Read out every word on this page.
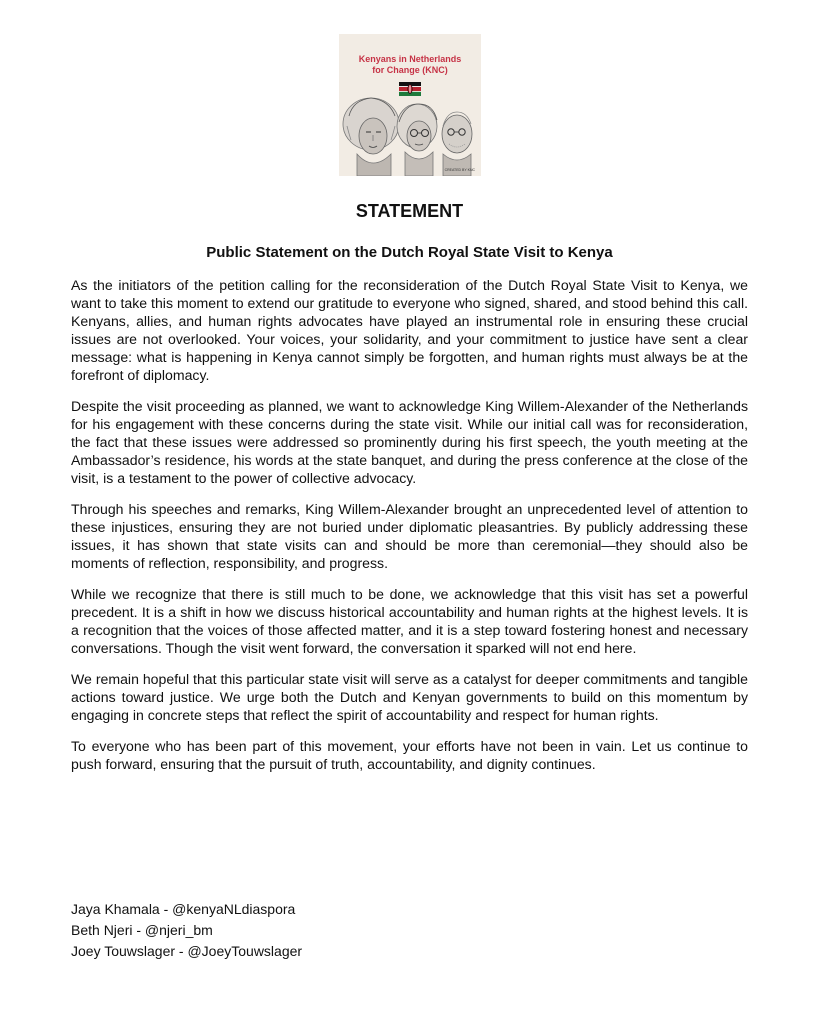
Kenyans in Netherlands
for Change (KNC)
CREATED BY KNC
STATEMENT
Public Statement on the Dutch Royal State Visit to Kenya

As the initiators of the petition calling for the reconsideration of the Dutch Royal State Visit to Kenya, we want to take this moment to extend our gratitude to everyone who signed, shared, and stood behind this call. Kenyans, allies, and human rights advocates have played an instrumental role in ensuring these crucial issues are not overlooked. Your voices, your solidarity, and your commitment to justice have sent a clear message: what is happening in Kenya cannot simply be forgotten, and human rights must always be at the forefront of diplomacy.

Despite the visit proceeding as planned, we want to acknowledge King Willem-Alexander of the Netherlands for his engagement with these concerns during the state visit. While our initial call was for reconsideration, the fact that these issues were addressed so prominently during his first speech, the youth meeting at the Ambassador’s residence, his words at the state banquet, and during the press conference at the close of the visit, is a testament to the power of collective advocacy.

Through his speeches and remarks, King Willem-Alexander brought an unprecedented level of attention to these injustices, ensuring they are not buried under diplomatic pleasantries. By publicly addressing these issues, it has shown that state visits can and should be more than ceremonial—they should also be moments of reflection, responsibility, and progress.

While we recognize that there is still much to be done, we acknowledge that this visit has set a powerful precedent. It is a shift in how we discuss historical accountability and human rights at the highest levels. It is a recognition that the voices of those affected matter, and it is a step toward fostering honest and necessary conversations. Though the visit went forward, the conversation it sparked will not end here.

We remain hopeful that this particular state visit will serve as a catalyst for deeper commitments and tangible actions toward justice. We urge both the Dutch and Kenyan governments to build on this momentum by engaging in concrete steps that reflect the spirit of accountability and respect for human rights.

To everyone who has been part of this movement, your efforts have not been in vain. Let us continue to push forward, ensuring that the pursuit of truth, accountability, and dignity continues.

Jaya Khamala - @kenyaNLdiaspora

Beth Njeri - @njeri_bm

Joey Touwslager - @JoeyTouwslager
